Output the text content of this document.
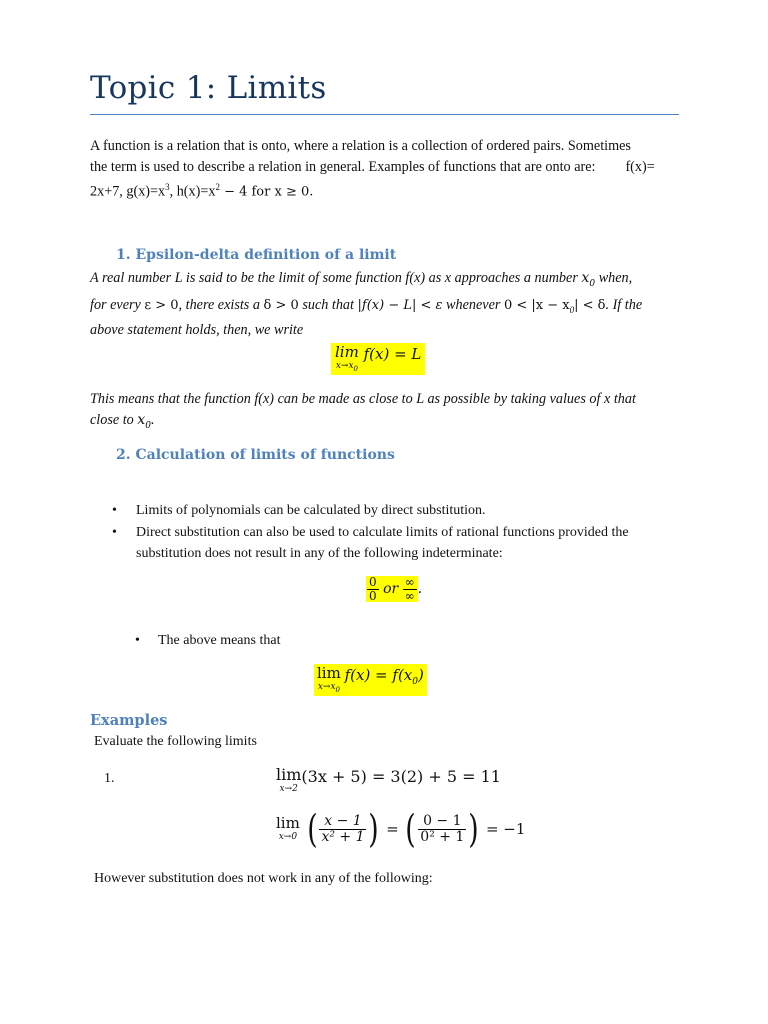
Topic 1: Limits
A function is a relation that is onto, where a relation is a collection of ordered pairs. Sometimes
the term is used to describe a relation in general. Examples of functions that are onto are: f(x)=
2x+7, $g(x)=x^3$, $h(x)=x^2 - 4$ for x ≥ 0.
1. Epsilon-delta definition of a limit
A real number L is said to be the limit of some function f(x) as x approaches a number $x_0$ when,
for every ε > 0, there exists a δ > 0 such that |f(x) − L| < ε whenever $0 < |x - x_0| < \delta$. If the
above statement holds, then, we write
lim
$x\to x_0$
f(x) = L
This means that the function f(x) can be made as close to L as possible by taking values of x that
close to $x_0$.
2. Calculation of limits of functions
• Limits of polynomials can be calculated by direct substitution.
• Direct substitution can also be used to calculate limits of rational functions provided the
substitution does not result in any of the following indeterminate:
$\frac{0}{0}$ or $\frac{\infty}{\infty}$ .
• The above means that
lim
$x\to x_0$
$f(x) = f(x_0)$
Examples
Evaluate the following limits
1.	lim
x→2
(3x + 5) = 3(2) + 5 = 11
lim
x→0 ( $\frac{x - 1}{\text{x² + 1}}$ ) = ( $\frac{0 - 1}{\text{0² + 1}}$ ) = −1
However substitution does not work in any of the following:
